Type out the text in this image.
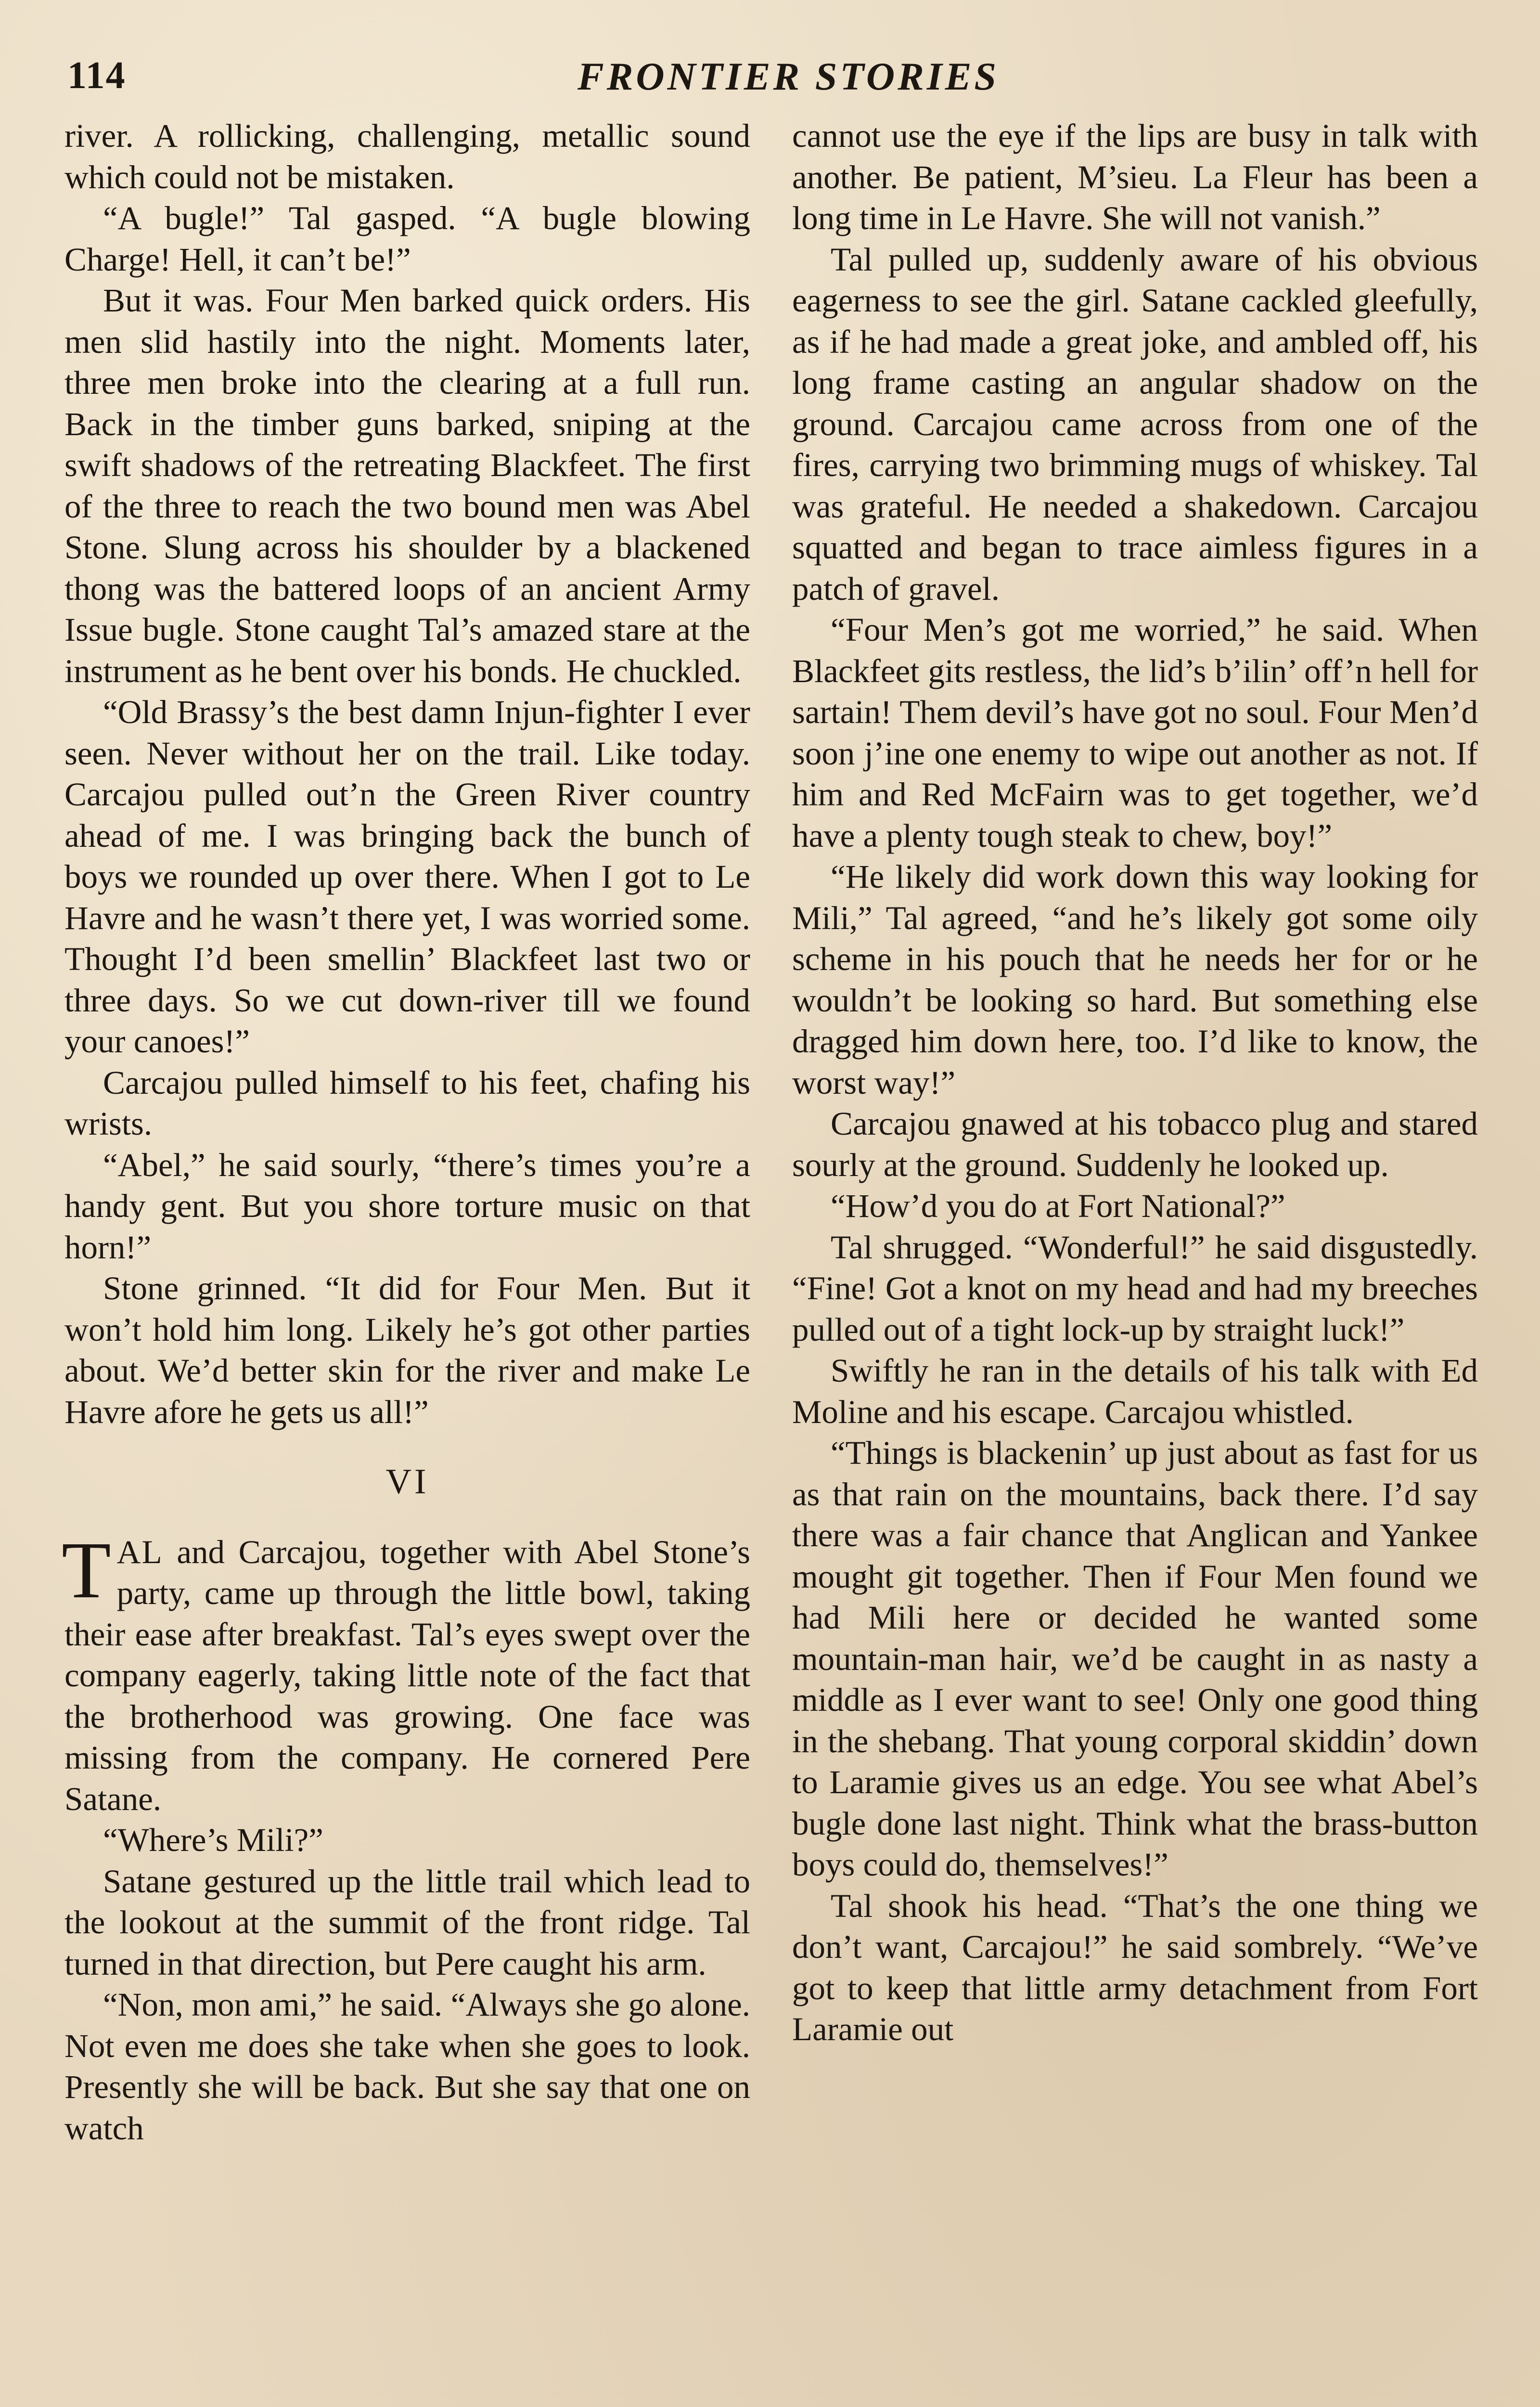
114	FRONTIER STORIES

river. A rollicking, challenging, metallic sound which could not be mistaken.

“A bugle!” Tal gasped. “A bugle blowing Charge! Hell, it can’t be!”

But it was. Four Men barked quick orders. His men slid hastily into the night. Moments later, three men broke into the clearing at a full run. Back in the timber guns barked, sniping at the swift shadows of the retreating Blackfeet. The first of the three to reach the two bound men was Abel Stone. Slung across his shoulder by a blackened thong was the battered loops of an ancient Army Issue bugle. Stone caught Tal’s amazed stare at the instrument as he bent over his bonds. He chuckled.

“Old Brassy’s the best damn Injun-fighter I ever seen. Never without her on the trail. Like today. Carcajou pulled out’n the Green River country ahead of me. I was bringing back the bunch of boys we rounded up over there. When I got to Le Havre and he wasn’t there yet, I was worried some. Thought I’d been smellin’ Blackfeet last two or three days. So we cut down-river till we found your canoes!”

Carcajou pulled himself to his feet, chafing his wrists.

“Abel,” he said sourly, “there’s times you’re a handy gent. But you shore torture music on that horn!”

Stone grinned. “It did for Four Men. But it won’t hold him long. Likely he’s got other parties about. We’d better skin for the river and make Le Havre afore he gets us all!”

VI

TAL and Carcajou, together with Abel Stone’s party, came up through the little bowl, taking their ease after breakfast. Tal’s eyes swept over the company eagerly, taking little note of the fact that the brotherhood was growing. One face was missing from the company. He cornered Pere Satane.

“Where’s Mili?”

Satane gestured up the little trail which lead to the lookout at the summit of the front ridge. Tal turned in that direction, but Pere caught his arm.

“Non, mon ami,” he said. “Always she go alone. Not even me does she take when she goes to look. Presently she will be back. But she say that one on watch

cannot use the eye if the lips are busy in talk with another. Be patient, M’sieu. La Fleur has been a long time in Le Havre. She will not vanish.”

Tal pulled up, suddenly aware of his obvious eagerness to see the girl. Satane cackled gleefully, as if he had made a great joke, and ambled off, his long frame casting an angular shadow on the ground. Carcajou came across from one of the fires, carrying two brimming mugs of whiskey. Tal was grateful. He needed a shakedown. Carcajou squatted and began to trace aimless figures in a patch of gravel.

“Four Men’s got me worried,” he said. When Blackfeet gits restless, the lid’s b’ilin’ off’n hell for sartain! Them devil’s have got no soul. Four Men’d soon j’ine one enemy to wipe out another as not. If him and Red McFairn was to get together, we’d have a plenty tough steak to chew, boy!”

“He likely did work down this way looking for Mili,” Tal agreed, “and he’s likely got some oily scheme in his pouch that he needs her for or he wouldn’t be looking so hard. But something else dragged him down here, too. I’d like to know, the worst way!”

Carcajou gnawed at his tobacco plug and stared sourly at the ground. Suddenly he looked up.

“How’d you do at Fort National?”

Tal shrugged. “Wonderful!” he said disgustedly. “Fine! Got a knot on my head and had my breeches pulled out of a tight lock-up by straight luck!”

Swiftly he ran in the details of his talk with Ed Moline and his escape. Carcajou whistled.

“Things is blackenin’ up just about as fast for us as that rain on the mountains, back there. I’d say there was a fair chance that Anglican and Yankee mought git together. Then if Four Men found we had Mili here or decided he wanted some mountain-man hair, we’d be caught in as nasty a middle as I ever want to see! Only one good thing in the shebang. That young corporal skiddin’ down to Laramie gives us an edge. You see what Abel’s bugle done last night. Think what the brass-button boys could do, themselves!”

Tal shook his head. “That’s the one thing we don’t want, Carcajou!” he said sombrely. “We’ve got to keep that little army detachment from Fort Laramie out
